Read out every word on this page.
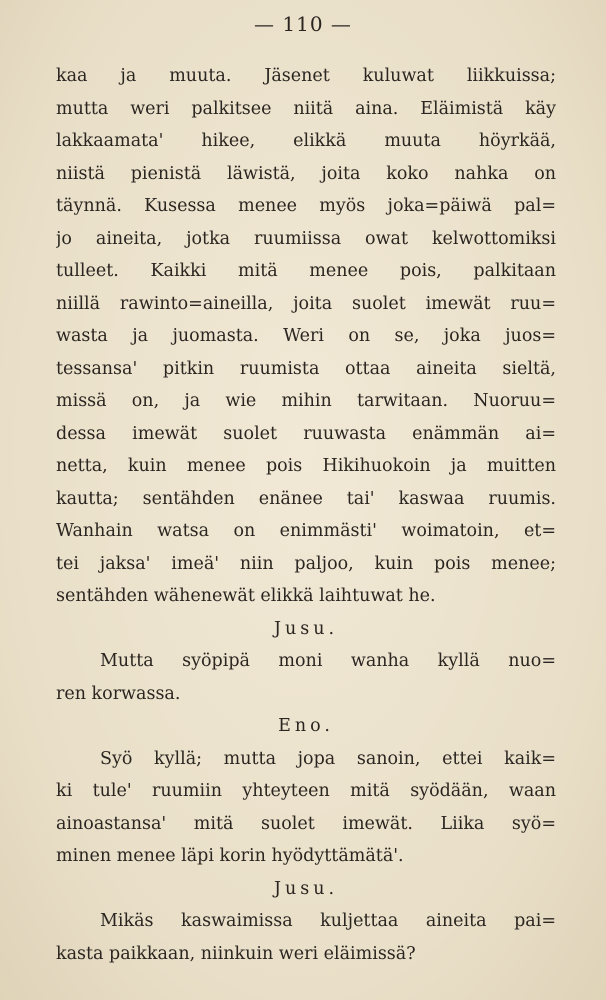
— 110 —
kaa ja muuta. Jäsenet kuluwat liikkuissa;
mutta weri palkitsee niitä aina. Eläimistä käy
lakkaamata' hikee, elikkä muuta höyrkää,
niistä pienistä läwistä, joita koko nahka on
täynnä. Kusessa menee myös joka=päiwä pal=
jo aineita, jotka ruumiissa owat kelwottomiksi
tulleet. Kaikki mitä menee pois, palkitaan
niillä rawinto=aineilla, joita suolet imewät ruu=
wasta ja juomasta. Weri on se, joka juos=
tessansa' pitkin ruumista ottaa aineita sieltä,
missä on, ja wie mihin tarwitaan. Nuoruu=
dessa imewät suolet ruuwasta enämmän ai=
netta, kuin menee pois Hikihuokoin ja muitten
kautta; sentähden enänee tai' kaswaa ruumis.
Wanhain watsa on enimmästi' woimatoin, et=
tei jaksa' imeä' niin paljoo, kuin pois menee;
sentähden wähenewät elikkä laihtuwat he.
Jusu.
Mutta syöpipä moni wanha kyllä nuo=
ren korwassa.
Eno.
Syö kyllä; mutta jopa sanoin, ettei kaik=
ki tule' ruumiin yhteyteen mitä syödään, waan
ainoastansa' mitä suolet imewät. Liika syö=
minen menee läpi korin hyödyttämätä'.
Jusu.
Mikäs kaswaimissa kuljettaa aineita pai=
kasta paikkaan, niinkuin weri eläimissä?
